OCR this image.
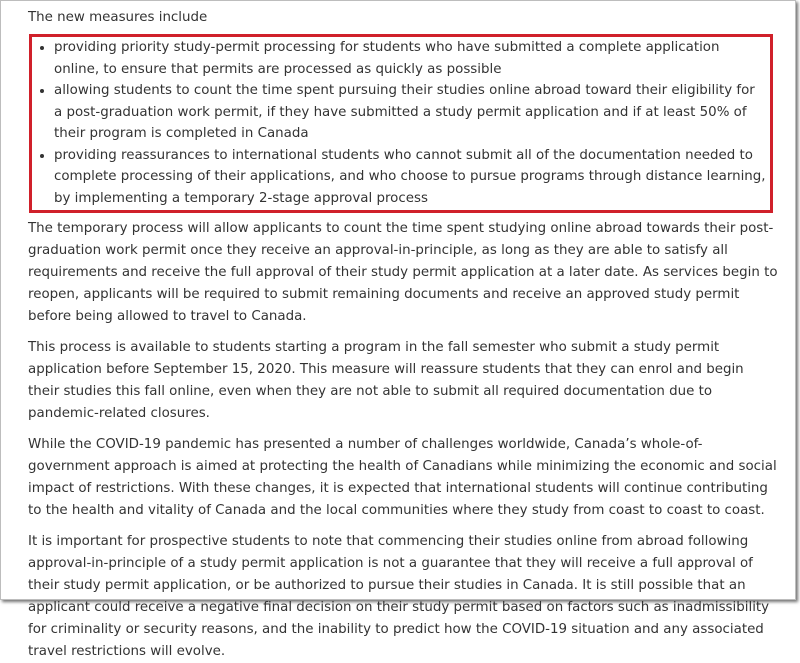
The new measures include

• providing priority study-permit processing for students who have submitted a complete application online, to ensure that permits are processed as quickly as possible
• allowing students to count the time spent pursuing their studies online abroad toward their eligibility for a post-graduation work permit, if they have submitted a study permit application and if at least 50% of their program is completed in Canada
• providing reassurances to international students who cannot submit all of the documentation needed to complete processing of their applications, and who choose to pursue programs through distance learning, by implementing a temporary 2-stage approval process

The temporary process will allow applicants to count the time spent studying online abroad towards their post-graduation work permit once they receive an approval-in-principle, as long as they are able to satisfy all requirements and receive the full approval of their study permit application at a later date. As services begin to reopen, applicants will be required to submit remaining documents and receive an approved study permit before being allowed to travel to Canada.

This process is available to students starting a program in the fall semester who submit a study permit application before September 15, 2020. This measure will reassure students that they can enrol and begin their studies this fall online, even when they are not able to submit all required documentation due to pandemic-related closures.

While the COVID-19 pandemic has presented a number of challenges worldwide, Canada’s whole-of-government approach is aimed at protecting the health of Canadians while minimizing the economic and social impact of restrictions. With these changes, it is expected that international students will continue contributing to the health and vitality of Canada and the local communities where they study from coast to coast to coast.

It is important for prospective students to note that commencing their studies online from abroad following approval-in-principle of a study permit application is not a guarantee that they will receive a full approval of their study permit application, or be authorized to pursue their studies in Canada. It is still possible that an applicant could receive a negative final decision on their study permit based on factors such as inadmissibility for criminality or security reasons, and the inability to predict how the COVID-19 situation and any associated travel restrictions will evolve.
